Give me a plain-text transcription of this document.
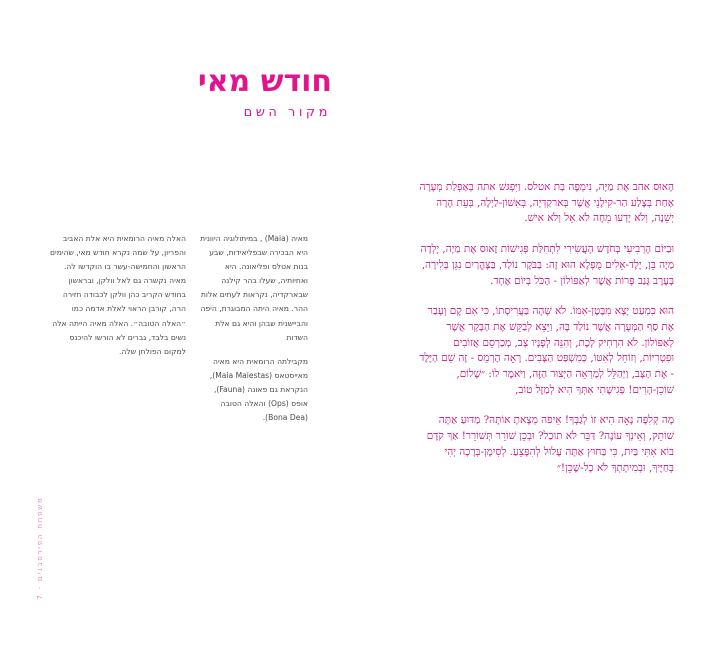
חודש מאי
מקור השם

הֶאוּס אהב אֶת מַיָה, נִימְפָה בַּת אטלס. וַיִּפְגּשׁ אתה בְּאַפְלַת מְעָרָה אַחַת בְּצֶלַע הַר-קִילֶנֵי אֲשֶׁר בְּארקַדְיָה, בְּאִשׁוֹן-לַיְלָה, בְּעֵת הָרָה יְשֵׁנָה, וְלֹא יָדְעוּ מֵחָה לֹא אֵל וְלֹא אִישׁ.

וּבַיּוֹם הָרְבִיעִי בְּחֹדֶשׁ הָעֲשִׂירִי לִתְחִלַּת פְּגִישׁוֹת זֶאוּס אֶת מַיָה, יָלְדָה מַיָה בֵּן, יֶלֶד-אֵלִים מֻפְלָא הוּא זֶה: בַּבֹּקֶר נוֹלַד, בַּצָּהֳרַיִם נִגֵּן בְּלִירָה, בָּעֶרֶב גָּנַב פָּרוֹת אֲשֶׁר לְאַפּוֹלוֹן - הַכֹּל בְּיוֹם אֶחָד.

הוּא כִּמְעַט יָצָא מִבֶּטֶן-אִמּוֹ. לֹא שָׁהָה בַּעֲרִיסָתוֹ, כִּי אִם קָם וְעָבַר אֶת סַף הַמְּעָרָה אֲשֶׁר נוֹלַד בָּהּ, וַיֵּצֵא לְבַקֵּשׁ אֶת הַבָּקָר אֲשֶׁר לְאַפּוֹלוֹן. לֹא הִרְחִיק לָכֶת, וְהִנֵּה לְפָנָיו צָב, מְכַרְסֵם אֲזוֹבִים וּפִטְרִיּוֹת, וְזוֹחֵל לְאִטּוֹ, כְּמִשְׁפַּט הַצָּבִים. רָאָה הֶרְמֵס - זֶה שֵׁם הַיֶּלֶד - אֶת הַצָּב, וַיְּהַלֵּל לְמַרְאֵה הַיְּצוּר הַזֶּה, וַיֹּאמֶר לוֹ: ״שָׁלוֹם, שׁוֹכֵן-הָרִים! פְּגִישָׁתִי אִתְּךָ הִיא לְמַזָּל טוֹב,

מָה קְלִפָּה נָאָה הִיא זוֹ לְגַבְּךָ! אֵיפֹה מְצָאתָ אוֹתָהּ? מַדּוּעַ אַתָּה שׁוֹתֵק, וְאֵינְךָ עוֹנֶה? דַּבֵּר לֹא תוּכַל? וּבְכֵן שׁוֹרֵר תְּשׁוֹרֵר! אַךְ קֹדֶם בּוֹא אִתִּי בַּיִת, כִּי בַּחוּץ אַתָּה עָלוּל לְהִפָּצֵעַ. לְסִימָן-בְּרָכָה יְהִי בְּחַיֶּיךָ, וּבְמִיתָתְךָ לֹא כָל-שֶׁכֵּן!״

מאיה (Maia) , במיתולוגיה היוונית היא הבכירה שבפליאידות, שבע בנות אטלס ופליאונה. היא ואחיותיה, שעלו בהר קילנה שבארקדיה, נקראות לעתים אלות ההר. מאיה היתה המבוגרת, היפה והביישנית שבהן והיא גם אלת השדות

מקבילתה הרומאית היא מאיה מאייסטאס (Maia Maiestas), הנקראת גם פאונה (Fauna), אופס (Ops) והאלה הטובה (Bona Dea).

האלה מאיה הרומאית היא אלת האביב והפריון, על שמה נקרא חודש מאי, שהימים הראשון והחמישה-עשר בו הוקדשו לה. מאיה נקשרה גם לאל וולקן, ובראשון בחודש הקריב כהן וולקן לכבודה חזירה הרה, קורבן הראוי לאלת אדמה כמו ״האלה הטובה״. האלה מאיה הייתה אלה נשים בלבד, גברים לא הורשו להיכנס למקום הפולחן שלה.

משפחת הפירסבנים - 7
